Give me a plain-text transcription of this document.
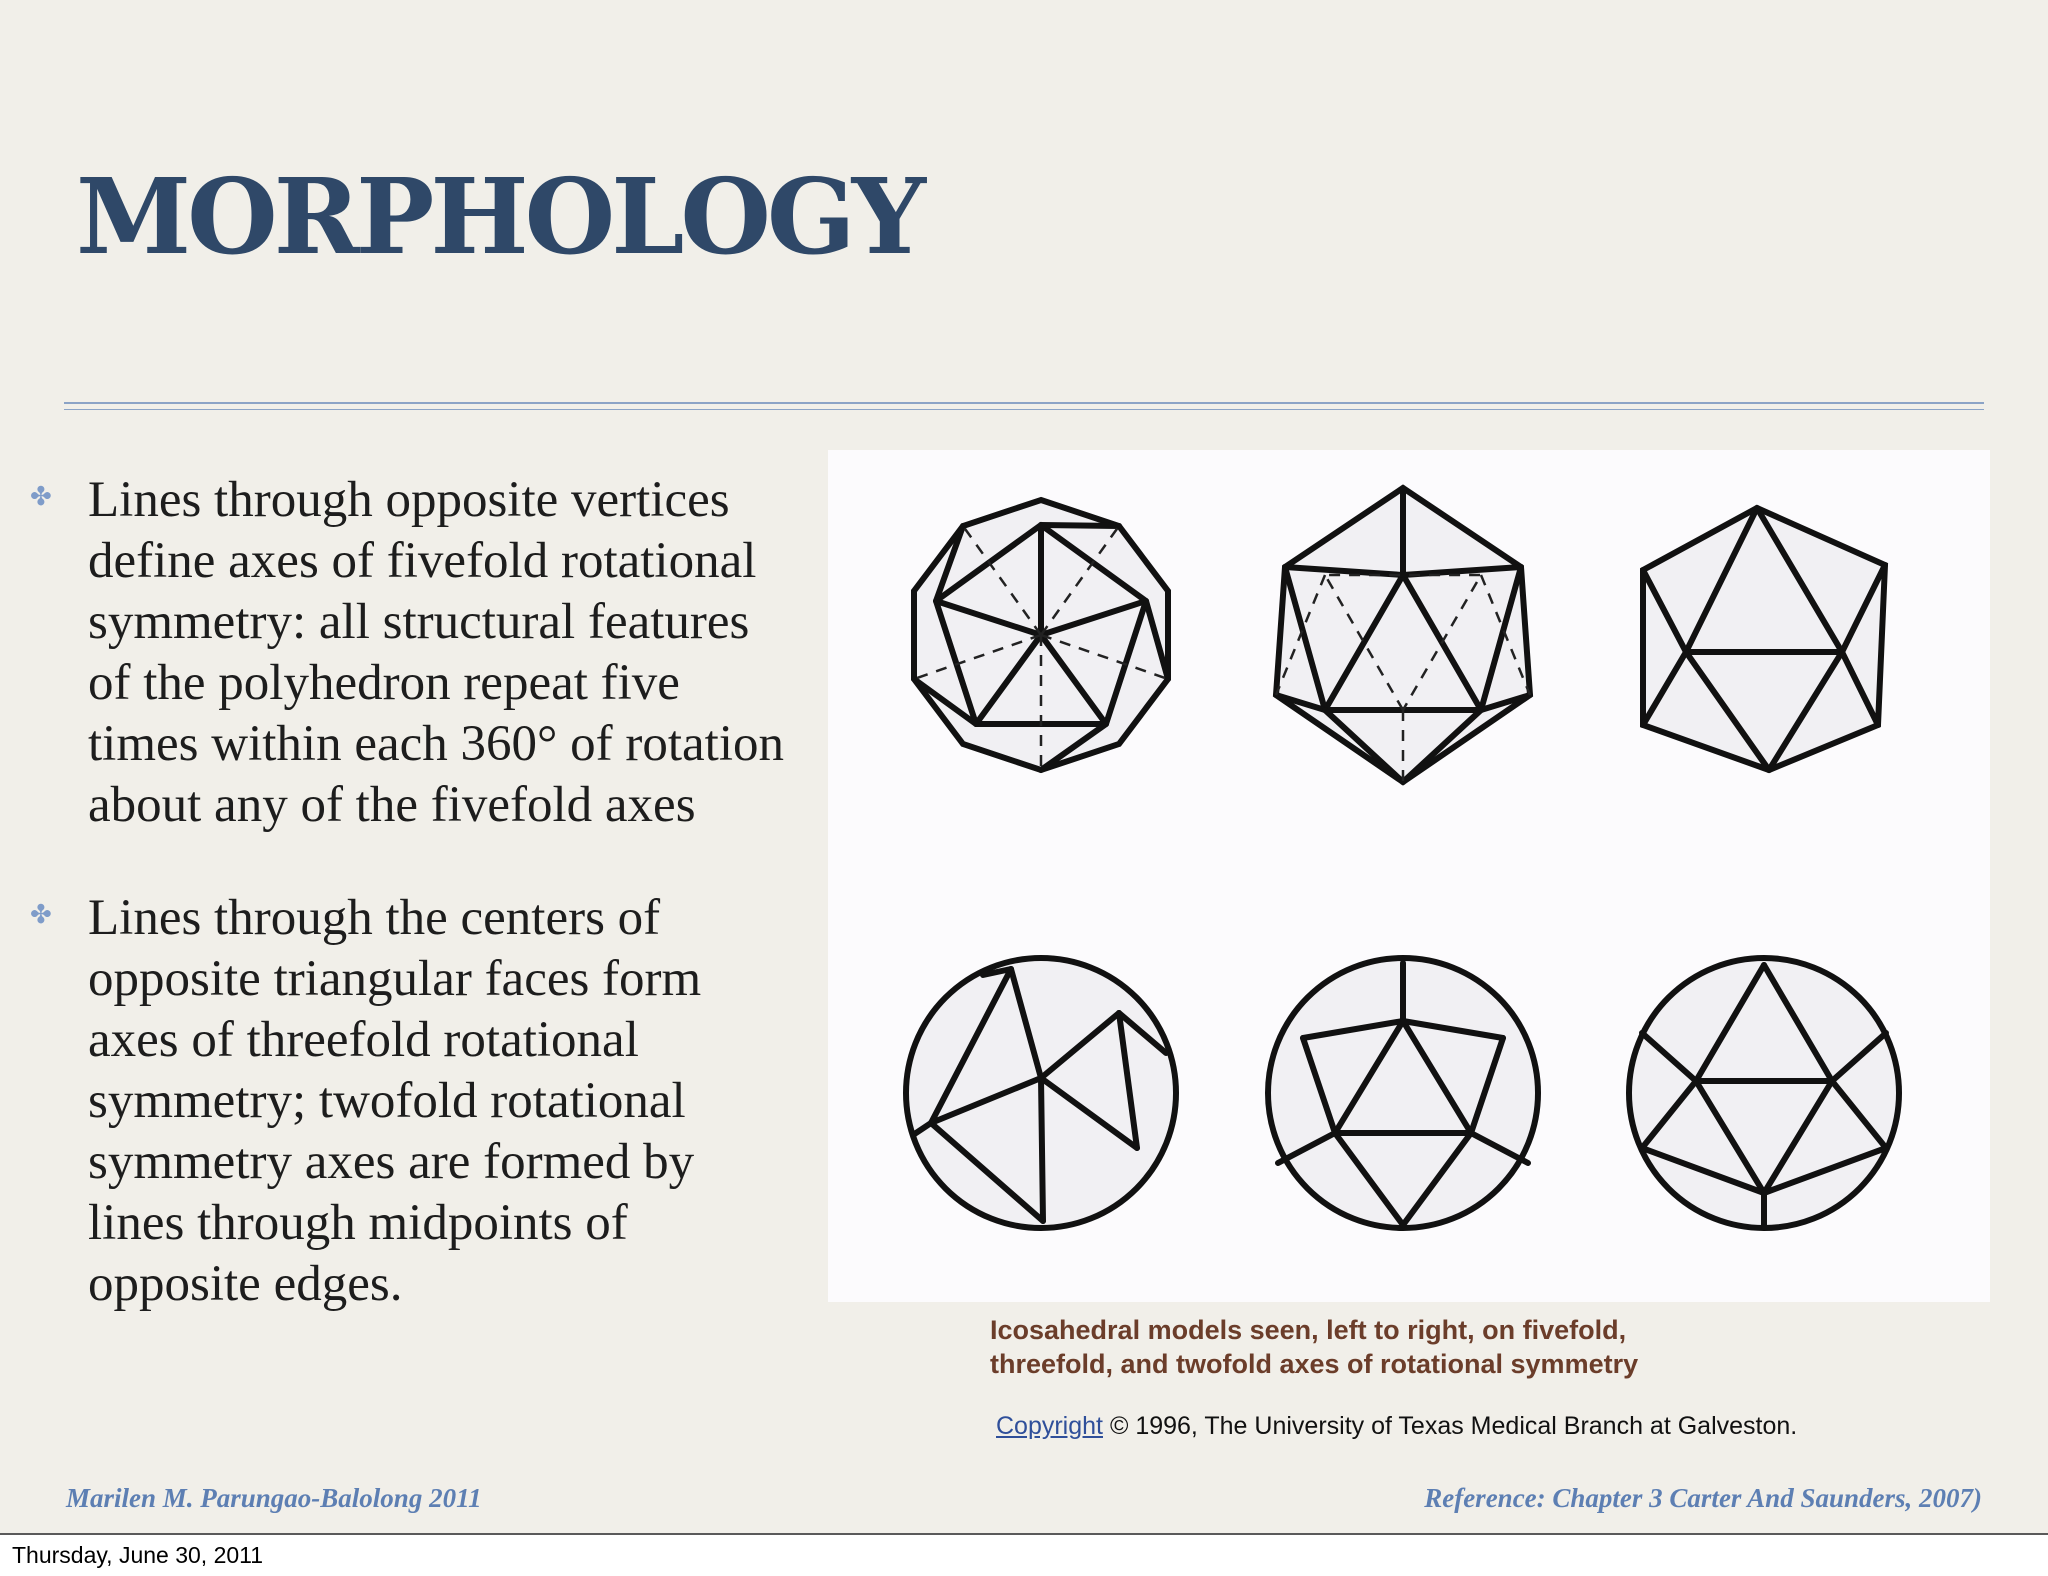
MORPHOLOGY
✤ Lines through opposite vertices define axes of fivefold rotational symmetry: all structural features of the polyhedron repeat five times within each 360° of rotation about any of the fivefold axes
✤ Lines through the centers of opposite triangular faces form axes of threefold rotational symmetry; twofold rotational symmetry axes are formed by lines through midpoints of opposite edges.
Icosahedral models seen, left to right, on fivefold, threefold, and twofold axes of rotational symmetry
Copyright © 1996, The University of Texas Medical Branch at Galveston.
Marilen M. Parungao-Balolong 2011	Reference: Chapter 3 Carter And Saunders, 2007)
Thursday, June 30, 2011
